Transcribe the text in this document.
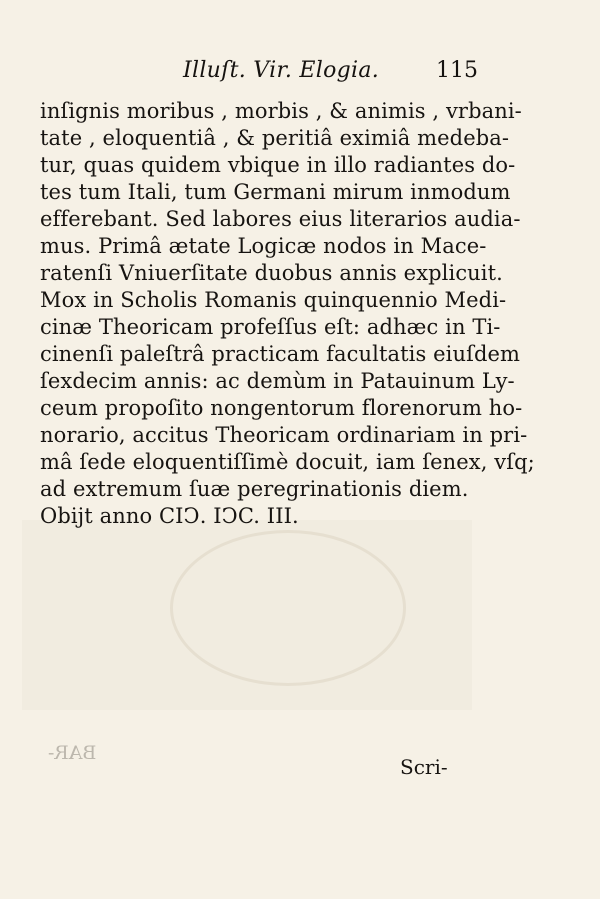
Illuſt. Vir. Elogia.	115
inſignis moribus , morbis , & animis , vrbani-
tate , eloquentiâ , & peritiâ eximiâ medeba-
tur, quas quidem vbique in illo radiantes do-
tes tum Itali, tum Germani mirum inmodum
efferebant. Sed labores eius literarios audia-
mus. Primâ ætate Logicæ nodos in Mace-
ratenſi Vniuerſitate duobus annis explicuit.
Mox in Scholis Romanis quinquennio Medi-
cinæ Theoricam profeſſus eſt: adhæc in Ti-
cinenſi paleſtrâ practicam facultatis eiuſdem
ſexdecim annis: ac demùm in Patauinum Ly-
ceum propoſito nongentorum florenorum ho-
norario, accitus Theoricam ordinariam in pri-
mâ ſede eloquentiſſimè docuit, iam ſenex, vſq;
ad extremum ſuæ peregrinationis diem.
Obijt anno CIↃ. IↃC. III.
BAR-
Scri-
